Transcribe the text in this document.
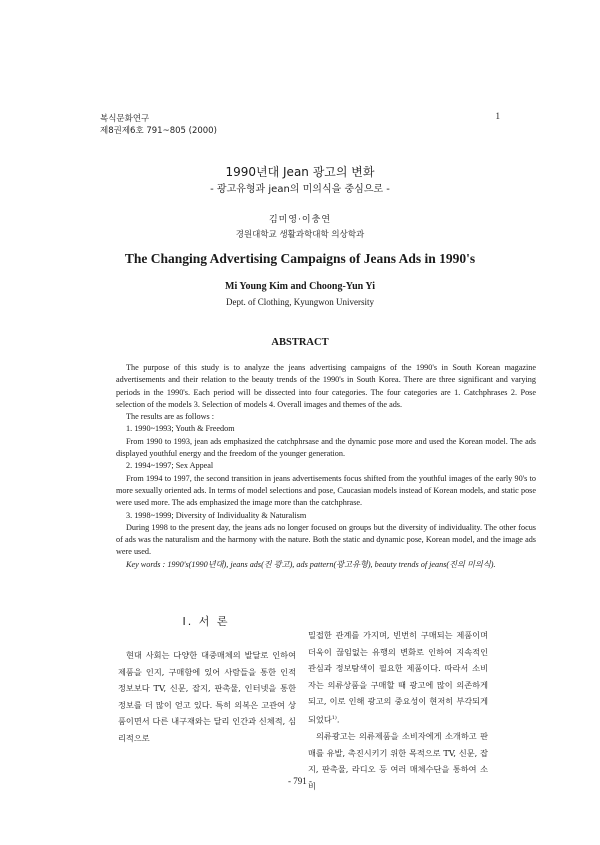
복식문화연구
제8권제6호 791~805 (2000)
1
1990년대 Jean 광고의 변화
- 광고유형과 jean의 미의식을 중심으로 -
김미영·이충연
경원대학교 생활과학대학 의상학과
The Changing Advertising Campaigns of Jeans Ads in 1990's
Mi Young Kim and Choong-Yun Yi
Dept. of Clothing, Kyungwon University
ABSTRACT

The purpose of this study is to analyze the jeans advertising campaigns of the 1990's in South Korean magazine advertisements and their relation to the beauty trends of the 1990's in South Korea. There are three significant and varying periods in the 1990's. Each period will be dissected into four categories. The four categories are 1. Catchphrases 2. Pose selection of the models 3. Selection of models 4. Overall images and themes of the ads.

The results are as follows :

1. 1990~1993; Youth & Freedom

From 1990 to 1993, jean ads emphasized the catchphrsase and the dynamic pose more and used the Korean model. The ads displayed youthful energy and the freedom of the younger generation.

2. 1994~1997; Sex Appeal

From 1994 to 1997, the second transition in jeans advertisements focus shifted from the youthful images of the early 90's to more sexually oriented ads. In terms of model selections and pose, Caucasian models instead of Korean models, and static pose were used more. The ads emphasized the image more than the catchphrase.

3. 1998~1999; Diversity of Individuality & Naturalism

During 1998 to the present day, the jeans ads no longer focused on groups but the diversity of individuality. The other focus of ads was the naturalism and the harmony with the nature. Both the static and dynamic pose, Korean model, and the image ads were used.

Key words : 1990's(1990년대), jeans ads(진 광고), ads pattern(광고유형), beauty trends of jeans(진의 미의식).

Ⅰ. 서 론

현대 사회는 다양한 대중매체의 발달로 인하여 제품을 인지, 구매함에 있어 사람들을 통한 인적 정보보다 TV, 신문, 잡지, 판촉물, 인터넷을 통한 정보를 더 많이 얻고 있다. 특히 의복은 고관여 상품이면서 다른 내구재와는 달리 인간과 신체적, 심리적으로

밀접한 관계를 가지며, 빈번히 구매되는 제품이며 더욱이 끊임없는 유행의 변화로 인하여 지속적인 관심과 정보탐색이 필요한 제품이다. 따라서 소비자는 의류상품을 구매할 때 광고에 많이 의존하게 되고, 이로 인해 광고의 중요성이 현저히 부각되게 되었다$^{1)}$.

의류광고는 의류제품을 소비자에게 소개하고 판매를 유발, 촉진시키기 위한 목적으로 TV, 신문, 잡지, 판촉물, 라디오 등 여러 매체수단을 통하여 소비

- 791 -
